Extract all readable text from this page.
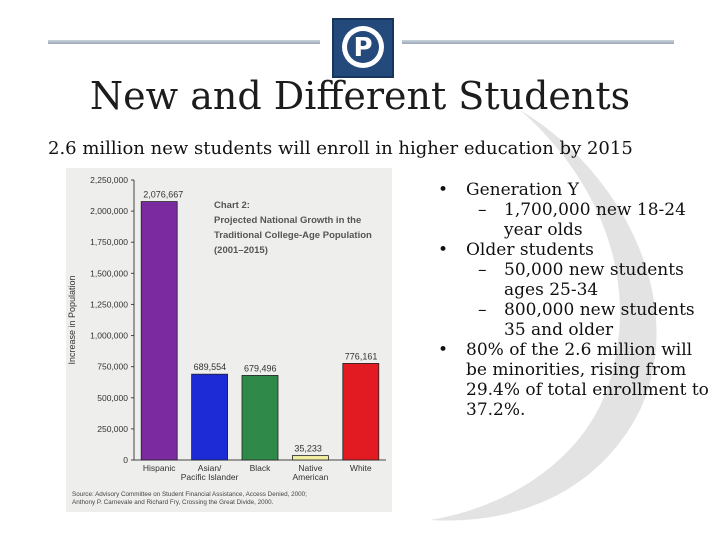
P
New and Different Students

2.6 million new students will enroll in higher education by 2015

2,250,000
2,000,000
1,750,000
1,500,000
1,250,000
1,000,000
750,000
500,000
250,000
0
Increase in Population
Chart 2: Projected National Growth in the Traditional College-Age Population (2001–2015)
2,076,667
Hispanic
689,554
Asian/ Pacific Islander
679,496
Black
35,233
Native American
776,161
White
Source: Advisory Committee on Student Financial Assistance, Access Denied, 2000; Anthony P. Carnevale and Richard Fry, Crossing the Great Divide, 2000.
• Generation Y
– 1,700,000 new 18-24 year olds
• Older students
– 50,000 new students ages 25-34
– 800,000 new students 35 and older
• 80% of the 2.6 million will be minorities, rising from 29.4% of total enrollment to 37.2%.
